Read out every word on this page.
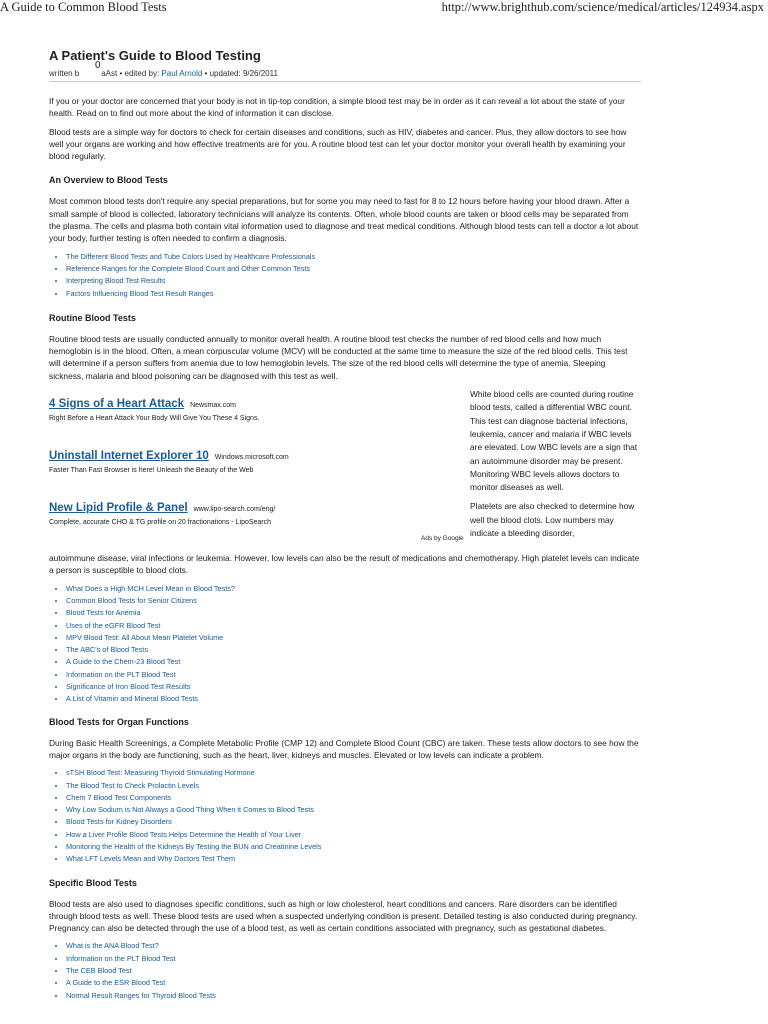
A Guide to Common Blood Tests	http://www.brighthub.com/science/medical/articles/124934.aspx
A Patient's Guide to Blood Testing
0
written b	aAst • edited by: Paul Arnold • updated: 9/26/2011

If you or your doctor are concerned that your body is not in tip-top condition, a simple blood test may be in order as it can reveal a lot about the state of your health. Read on to find out more about the kind of information it can disclose.

Blood tests are a simple way for doctors to check for certain diseases and conditions, such as HIV, diabetes and cancer. Plus, they allow doctors to see how well your organs are working and how effective treatments are for you. A routine blood test can let your doctor monitor your overall health by examining your blood regularly.

An Overview to Blood Tests

Most common blood tests don't require any special preparations, but for some you may need to fast for 8 to 12 hours before having your blood drawn. After a small sample of blood is collected, laboratory technicians will analyze its contents. Often, whole blood counts are taken or blood cells may be separated from the plasma. The cells and plasma both contain vital information used to diagnose and treat medical conditions. Although blood tests can tell a doctor a lot about your body, further testing is often needed to confirm a diagnosis.

• The Different Blood Tests and Tube Colors Used by Healthcare Professionals
• Reference Ranges for the Complete Blood Count and Other Common Tests
• Interpreting Blood Test Results
• Factors Influencing Blood Test Result Ranges
Routine Blood Tests

Routine blood tests are usually conducted annually to monitor overall health. A routine blood test checks the number of red blood cells and how much hemoglobin is in the blood. Often, a mean corpuscular volume (MCV) will be conducted at the same time to measure the size of the red blood cells. This test will determine if a person suffers from anemia due to low hemoglobin levels. The size of the red blood cells will determine the type of anemia. Sleeping sickness, malaria and blood poisoning can be diagnosed with this test as well.

4 Signs of a Heart Attack Newsmax.com
Right Before a Heart Attack Your Body Will Give You These 4 Signs.
Uninstall Internet Explorer 10 Windows.microsoft.com
Faster Than Fast Browser is here! Unleash the Beauty of the Web
New Lipid Profile & Panel www.lipo-search.com/eng/
Complete, accurate CHO & TG profile on 20 fractionations - LipoSearch
Ads by Google

White blood cells are counted during routine blood tests, called a differential WBC count. This test can diagnose bacterial infections, leukemia, cancer and malaria if WBC levels are elevated. Low WBC levels are a sign that an autoimmune disorder may be present. Monitoring WBC levels allows doctors to monitor diseases as well.

Platelets are also checked to determine how well the blood clots. Low numbers may indicate a bleeding disorder,

autoimmune disease, viral infections or leukemia. However, low levels can also be the result of medications and chemotherapy. High platelet levels can indicate a person is susceptible to blood clots.

• What Does a High MCH Level Mean in Blood Tests?
• Common Blood Tests for Senior Citizens
• Blood Tests for Anemia
• Uses of the eGFR Blood Test
• MPV Blood Test: All About Mean Platelet Volume
• The ABC's of Blood Tests
• A Guide to the Chem-23 Blood Test
• Information on the PLT Blood Test
• Significance of Iron Blood Test Results
• A List of Vitamin and Mineral Blood Tests
Blood Tests for Organ Functions

During Basic Health Screenings, a Complete Metabolic Profile (CMP 12) and Complete Blood Count (CBC) are taken. These tests allow doctors to see how the major organs in the body are functioning, such as the heart, liver, kidneys and muscles. Elevated or low levels can indicate a problem.

• sTSH Blood Test: Measuring Thyroid Stimulating Hormone
• The Blood Test to Check Prolactin Levels
• Chem 7 Blood Test Components
• Why Low Sodium is Not Always a Good Thing When it Comes to Blood Tests
• Blood Tests for Kidney Disorders
• How a Liver Profile Blood Tests Helps Determine the Health of Your Liver
• Monitoring the Health of the Kidneys By Testing the BUN and Creatinine Levels
• What LFT Levels Mean and Why Doctors Test Them
Specific Blood Tests

Blood tests are also used to diagnoses specific conditions, such as high or low cholesterol, heart conditions and cancers. Rare disorders can be identified through blood tests as well. These blood tests are used when a suspected underlying condition is present. Detailed testing is also conducted during pregnancy. Pregnancy can also be detected through the use of a blood test, as well as certain conditions associated with pregnancy, such as gestational diabetes.

• What is the ANA Blood Test?
• Information on the PLT Blood Test
• The CEB Blood Test
• A Guide to the ESR Blood Test
• Normal Result Ranges for Thyroid Blood Tests
